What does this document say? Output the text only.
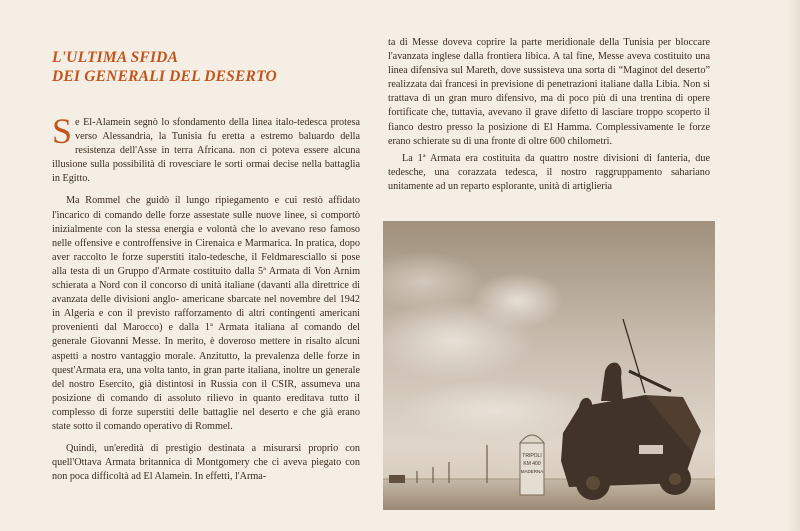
L'ULTIMA SFIDA
DEI GENERALI DEL DESERTO

Se El-Alamein segnò lo sfondamento della linea italo-tedesca protesa verso Alessandria, la Tunisia fu eretta a estremo baluardo della resistenza dell'Asse in terra Africana. non ci poteva essere alcuna illusione sulla possibilità di rovesciare le sorti ormai decise nella battaglia in Egitto.

Ma Rommel che guidò il lungo ripiegamento e cui restò affidato l'incarico di comando delle forze assestate sulle nuove linee, si comportò inizialmente con la stessa energia e volontà che lo avevano reso famoso nelle offensive e controffensive in Cirenaica e Marmarica. In pratica, dopo aver raccolto le forze superstiti italo-tedesche, il Feldmaresciallo si pose alla testa di un Gruppo d'Armate costituito dalla 5ª Armata di Von Arnim schierata a Nord con il concorso di unità italiane (davanti alla direttrice di avanzata delle divisioni anglo- americane sbarcate nel novembre del 1942 in Algeria e con il previsto rafforzamento di altri contingenti americani provenienti dal Marocco) e dalla 1ª Armata italiana al comando del generale Giovanni Messe. In merito, è doveroso mettere in risalto alcuni aspetti a nostro vantaggio morale. Anzitutto, la prevalenza delle forze in quest'Armata era, una volta tanto, in gran parte italiana, inoltre un generale del nostro Esercito, già distintosi in Russia con il CSIR, assumeva una posizione di comando di assoluto rilievo in quanto ereditava tutto il complesso di forze superstiti delle battaglie nel deserto e che già erano state sotto il comando operativo di Rommel.

Quindi, un'eredità di prestigio destinata a misurarsi proprio con quell'Ottava Armata britannica di Montgomery che ci aveva piegato con non poca difficoltà ad El Alamein. In effetti, l'Arma-

ta di Messe doveva coprire la parte meridionale della Tunisia per bloccare l'avanzata inglese dalla frontiera libica. A tal fine, Messe aveva costituito una linea difensiva sul Mareth, dove sussisteva una sorta di “Maginot del deserto” realizzata dai francesi in previsione di penetrazioni italiane dalla Libia. Non si trattava di un gran muro difensivo, ma di poco più di una trentina di opere fortificate che, tuttavia, avevano il grave difetto di lasciare troppo scoperto il fianco destro presso la posizione di El Hamma. Complessivamente le forze erano schierate su di una fronte di oltre 600 chilometri.

La 1ª Armata era costituita da quattro nostre divisioni di fanteria, due tedesche, una corazzata tedesca, il nostro raggruppamento sahariano unitamente ad un reparto esplorante, unità di artiglieria

TRIPOLI
KM 400
MADERNA
